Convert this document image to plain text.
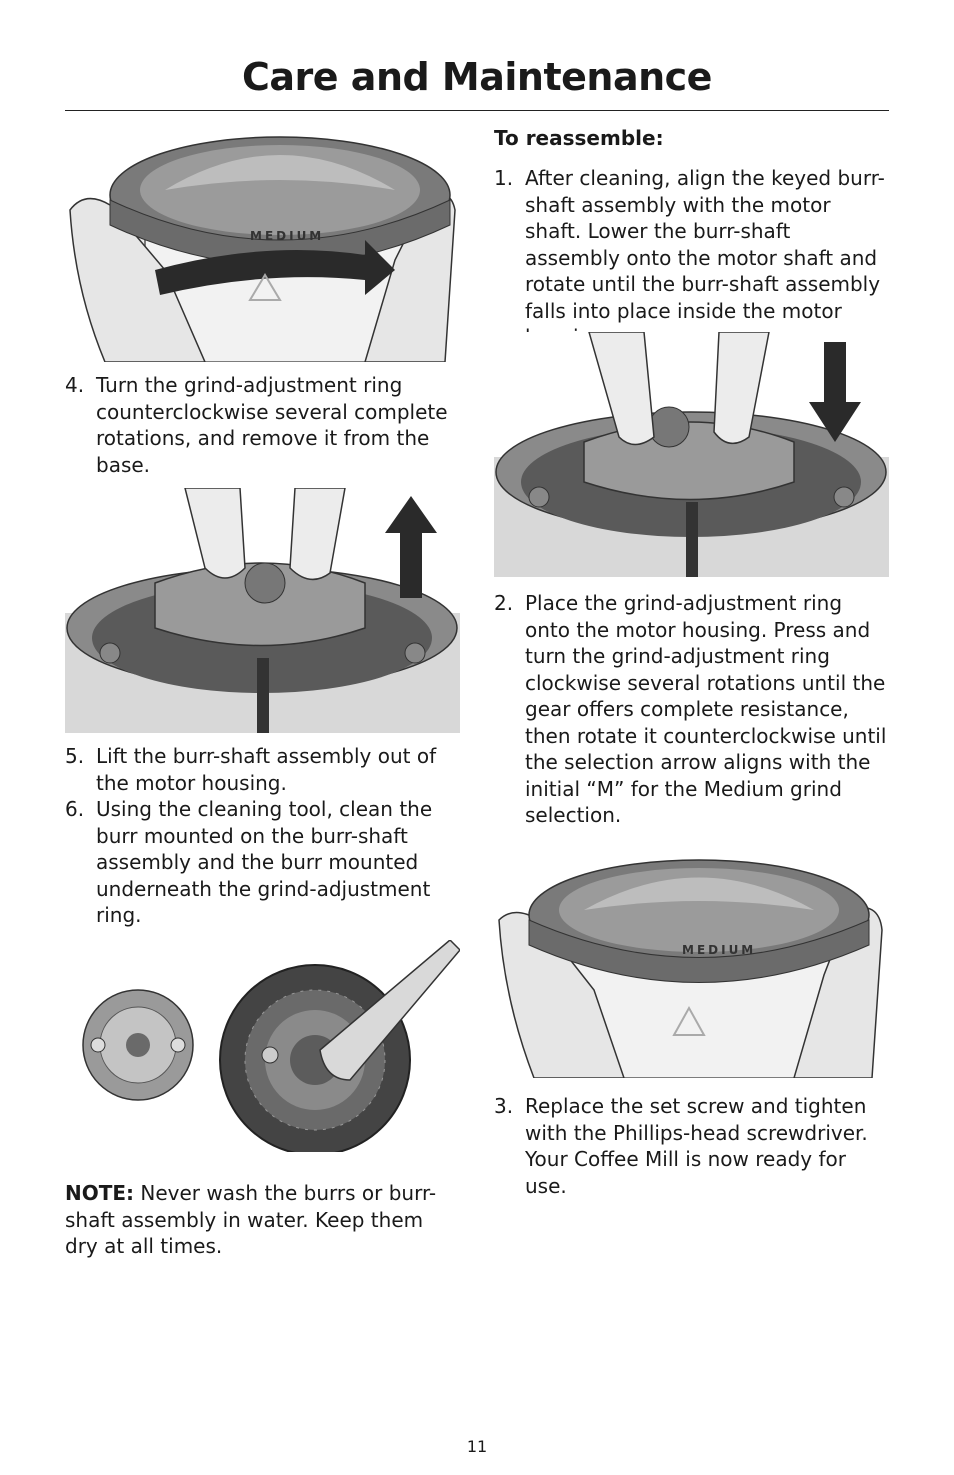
Care and Maintenance
MEDIUM
4. Turn the grind-adjustment ring counterclockwise several complete rotations, and remove it from the base.
5. Lift the burr-shaft assembly out of the motor housing.
6. Using the cleaning tool, clean the burr mounted on the burr-shaft assembly and the burr mounted underneath the grind-adjustment ring.
NOTE: Never wash the burrs or burr-shaft assembly in water. Keep them dry at all times.
To reassemble:
1. After cleaning, align the keyed burr-shaft assembly with the motor shaft. Lower the burr-shaft assembly onto the motor shaft and rotate until the burr-shaft assembly falls into place inside the motor
2. Place the grind-adjustment ring onto the motor housing. Press and turn the grind-adjustment ring clockwise several rotations until the gear offers complete resistance, then rotate it counterclockwise until the selection arrow aligns with the initial “M” for the Medium grind selection.
MEDIUM
3. Replace the set screw and tighten with the Phillips-head screwdriver. Your Coffee Mill is now ready for use.
11
